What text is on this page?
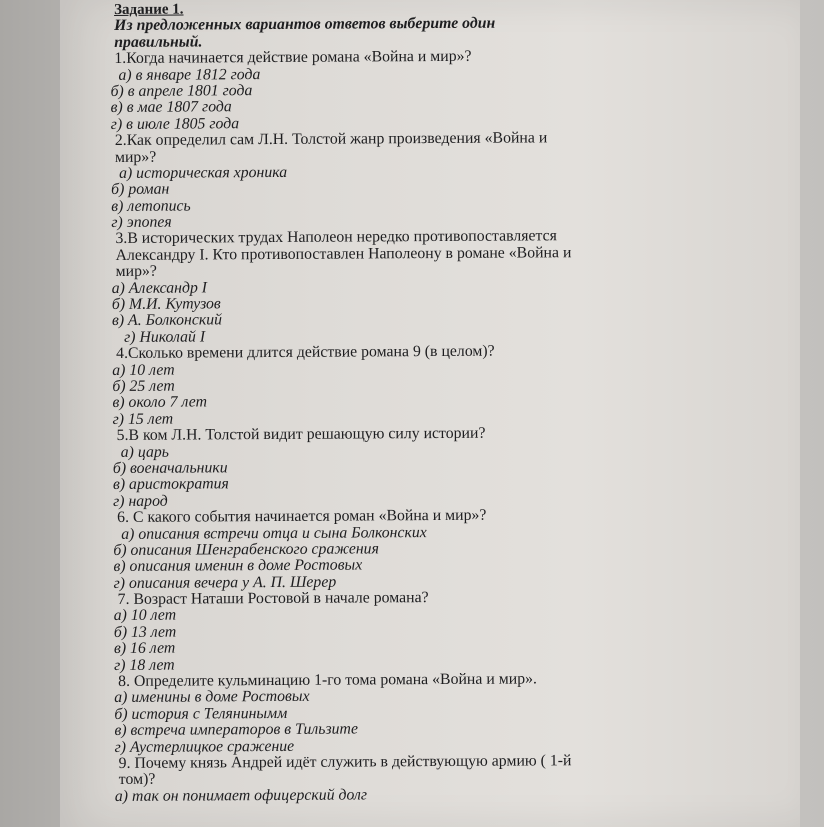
Задание 1.
Из предложенных вариантов ответов выберите один
правильный.
1.Когда начинается действие романа «Война и мир»?
а) в январе 1812 года
б) в апреле 1801 года
в) в мае 1807 года
г) в июле 1805 года
2.Как определил сам Л.Н. Толстой жанр произведения «Война и
мир»?
а) историческая хроника
б) роман
в) летопись
г) эпопея
3.В исторических трудах Наполеон нередко противопоставляется
Александру I. Кто противопоставлен Наполеону в романе «Война и
мир»?
а) Александр I
б) М.И. Кутузов
в) А. Болконский
г) Николай I
4.Сколько времени длится действие романа 9 (в целом)?
а) 10 лет
б) 25 лет
в) около 7 лет
г) 15 лет
5.В ком Л.Н. Толстой видит решающую силу истории?
а) царь
б) военачальники
в) аристократия
г) народ
6. С какого события начинается роман «Война и мир»?
а) описания встречи отца и сына Болконских
б) описания Шенграбенского сражения
в) описания именин в доме Ростовых
г) описания вечера у А. П. Шерер
7. Возраст Наташи Ростовой в начале романа?
а) 10 лет
б) 13 лет
в) 16 лет
г) 18 лет
8. Определите кульминацию 1-го тома романа «Война и мир».
а) именины в доме Ростовых
б) история с Телянинымᴍ
в) встреча императоров в Тильзите
г) Аустерлицкое сражение
9. Почему князь Андрей идёт служить в действующую армию ( 1-й
том)?
а) так он понимает офицерский долг
